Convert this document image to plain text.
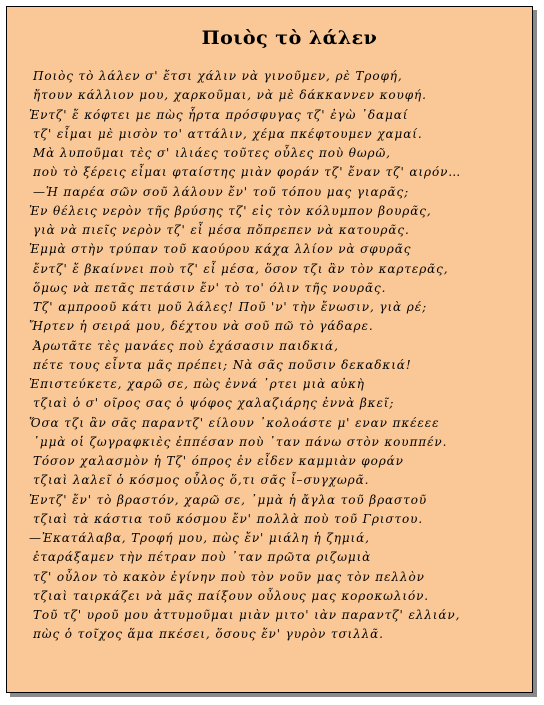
Ποιὸς τὸ λάλεν
Ποιὸς τὸ λάλεν σ' ἔτσι χάλιν νὰ γινοῦμεν, ρὲ Τρoφή,
ἤτουν κάλλιον μου, χαρκοῦμαι, νὰ μὲ δάκκαννεν κουφή.
Ἐντζ' ἔ κόφτει με πὼς ἧρτα πρόσφυγας τζ' ἐγὼ ᾽δαμαί
τζ' εἶμαι μὲ μισὸν το' αττάλιν, χέμα πκέφτουμεν χαμαί.
Μὰ λυποῦμαι τὲς σ' ιλιάες τοῦτες οὖλες ποὺ θωρῶ,
ποὺ τὸ ξέρεις εἶμαι φταίστης μιὰν φοράν τζ' ἔναν τζ' αιρόν…
—Ἡ παρέα σῶν σοῦ λάλουν ἔν' τοῦ τόπου μας γιαρᾶς;
Ἐν θέλεις νερὸν τῆς βρύσης τζ' εἰς τὸν κόλυμπον βουρᾶς,
γιὰ νὰ πιεῖς νερὸν τζ' εἶ μέσα πὄπρεπεν νὰ κατουρᾶς.
Ἐμμὰ στὴν τρύπαν τοῦ καούρου κάχα λλίον νὰ σφυρᾶς
ἔντζ' ἔ βκαίννει ποὺ τζ' εἶ μέσα, ὅσον τζι ἂν τὸν καρτερᾶς,
ὅμως νὰ πετᾶς πετάσιν ἔν' τὸ το' όλιν τῆς νουρᾶς.
Τζ' αμπροοῦ κάτι μοῦ λάλες! Ποῦ 'ν' τὴν ἔνωσιν, γιὰ ρέ;
Ἤρτεν ἡ σειρά μου, δέχτου νὰ σοῦ πῶ τὸ γάδαρε.
Ἀρωτᾶτε τὲς μανάες ποὺ ἐχάσασιν παιδκιά,
πέτε τους εἶντα μᾶς πρέπει; Νὰ σᾶς ποῦσιν δεκαδκιά!
Ἐπιστεύκετε, χαρῶ σε, πὼς ἐννά ᾽ρτει μιὰ αὐκὴ
τζιαὶ ὁ σ' οῖρος σας ὁ ψόφος χαλαζιάρης ἐννὰ βκεῖ;
Ὅσα τζι ἂν σᾶς παραντζ' είλουν ᾽κολοάστε μ' εναν πκέεεε
᾽μμὰ οἱ ζωγραφκιὲς ἐππέσαν ποὺ ᾽ταν πάνω στὸν κουππέν.
Τόσον χαλασμὸν ἡ Τζ' όπρος ἐν εἶδεν καμμιὰν φοράν
τζιαὶ λαλεῖ ὁ κόσμος οὖλος ὅ,τι σᾶς ἶ–συγχωρᾶ.
Ἐντζ' ἔν' τὸ βραστόν, χαρῶ σε, ᾽μμὰ ἡ ἄγλα τοῦ βραστοῦ
τζιαὶ τὰ κάστια τοῦ κόσμου ἔν' πολλὰ ποὺ τοῦ Γριστου.
—Ἐκατάλαβα, Τροφή μου, πὼς ἔν' μιάλη ἡ ζημιά,
ἐταράξαμεν τὴν πέτραν ποὺ ᾽ταν πρῶτα ριζωμιὰ
τζ' οὖλον τὸ κακὸν ἐγίνην ποὺ τὸν νοῦν μας τὸν πελλὸν
τζιαὶ ταιρκάζει νὰ μᾶς παίξουν οὖλους μας κοροκωλιόν.
Τοῦ τζ' υροῦ μου ἀττυμοῦμαι μιὰν μιτο' ιὰν παραντζ' ελλιάν,
πὼς ὁ τοῖχος ἅμα πκέσει, ὅσους ἔν' γυρὸν τσιλλᾶ.
